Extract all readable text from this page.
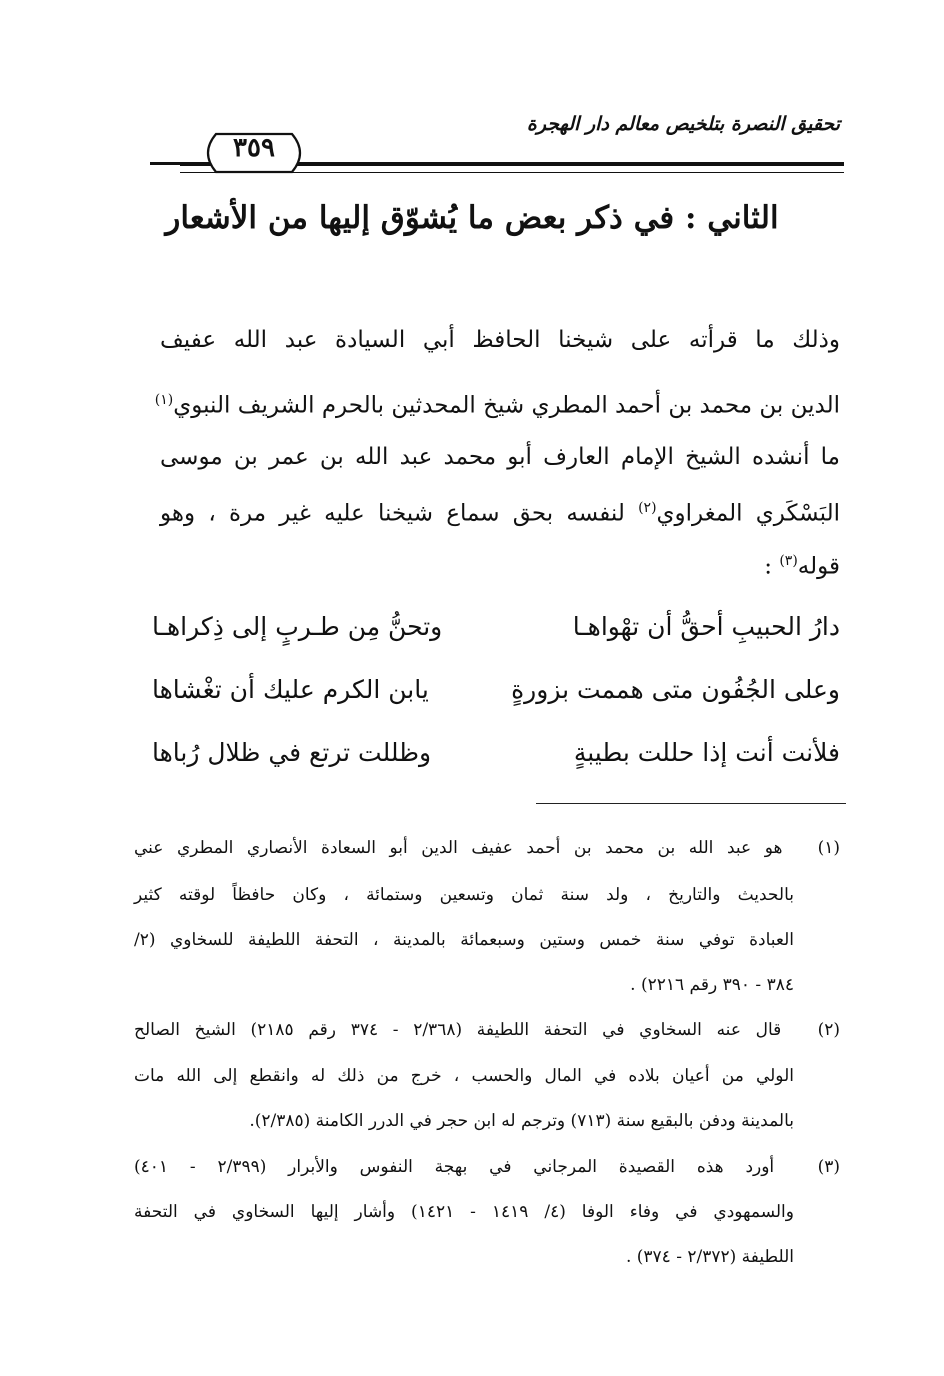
تحقيق النصرة بتلخيص معالم دار الهجرة
٣٥٩
الثاني : في ذكر بعض ما يُشوّق إليها من الأشعار
وذلك ما قرأته على شيخنا الحافظ أبي السيادة عبد الله عفيف
الدين بن محمد بن أحمد المطري شيخ المحدثين بالحرم الشريف النبوي$^{(١)}$
ما أنشده الشيخ الإمام العارف أبو محمد عبد الله بن عمر بن موسى
البَسْكَري المغراوي$^{(٢)}$ لنفسه بحق سماع شيخنا عليه غير مرة ، وهو
قوله$^{(٣)}$ :
دارُ الحبيبِ أحقُّ أن تهْواهـا
وتحنُّ مِن طـربٍ إلى ذِكراهـا
وعلى الجُفُون متى هممت بزورةٍ
يابن الكرم عليك أن تغْشاها
فلأنت أنت إذا حللت بطيبةٍ
وظللت ترتع في ظلال رُباها
(١) هو عبد الله بن محمد بن أحمد عفيف الدين أبو السعادة الأنصاري المطري عني
بالحديث والتاريخ ، ولد سنة ثمان وتسعين وستمائة ، وكان حافظاً لوقته كثير
العبادة توفي سنة خمس وستين وسبعمائة بالمدينة ، التحفة اللطيفة للسخاوي (٢/
٣٨٤ - ٣٩٠ رقم ٢٢١٦) .
(٢) قال عنه السخاوي في التحفة اللطيفة (٢/٣٦٨ - ٣٧٤ رقم ٢١٨٥) الشيخ الصالح
الولي من أعيان بلاده في المال والحسب ، خرج من ذلك له وانقطع إلى الله مات
بالمدينة ودفن بالبقيع سنة (٧١٣) وترجم له ابن حجر في الدرر الكامنة (٢/٣٨٥).
(٣) أورد هذه القصيدة المرجاني في بهجة النفوس والأبرار (٢/٣٩٩ - ٤٠١)
والسمهودي في وفاء الوفا (٤/ ١٤١٩ - ١٤٢١) وأشار إليها السخاوي في التحفة
اللطيفة (٢/٣٧٢ - ٣٧٤) .
